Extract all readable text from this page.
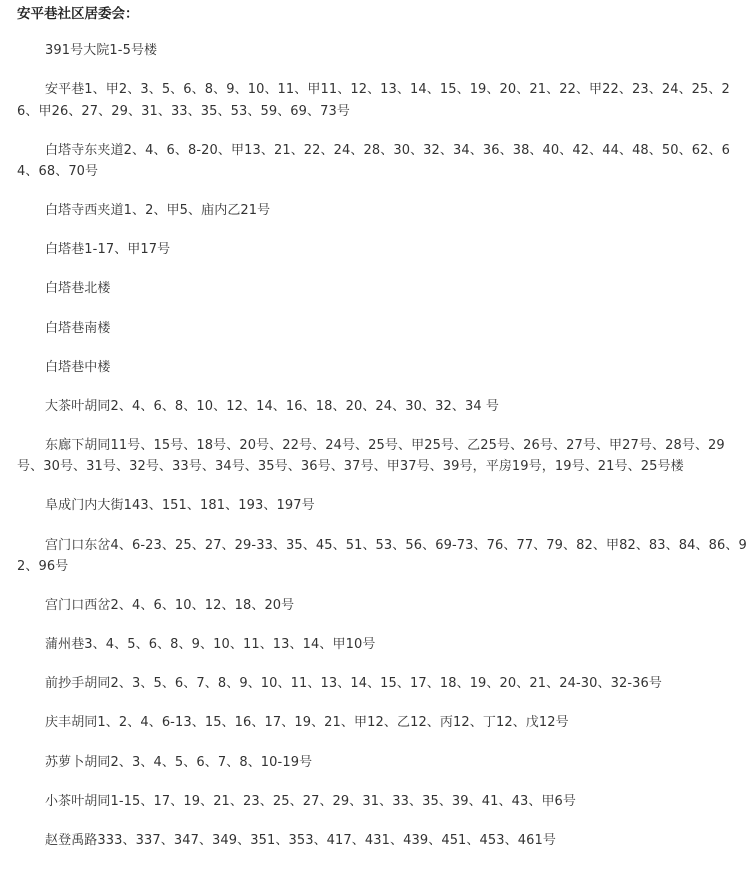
安平巷社区居委会：

391号大院1-5号楼

安平巷1、甲2、3、5、6、8、9、10、11、甲11、12、13、14、15、19、20、21、22、甲22、23、24、25、26、甲26、27、29、31、33、35、53、59、69、73号

白塔寺东夹道2、4、6、8-20、甲13、21、22、24、28、30、32、34、36、38、40、42、44、48、50、62、64、68、70号

白塔寺西夹道1、2、甲5、庙内乙21号

白塔巷1-17、甲17号

白塔巷北楼

白塔巷南楼

白塔巷中楼

大茶叶胡同2、4、6、8、10、12、14、16、18、20、24、30、32、34 号

东廊下胡同11号、15号、18号、20号、22号、24号、25号、甲25号、乙25号、26号、27号、甲27号、28号、29号、30号、31号、32号、33号、34号、35号、36号、37号、甲37号、39号，平房19号，19号、21号、25号楼

阜成门内大街143、151、181、193、197号

宫门口东岔4、6-23、25、27、29-33、35、45、51、53、56、69-73、76、77、79、82、甲82、83、84、86、92、96号

宫门口西岔2、4、6、10、12、18、20号

蒲州巷3、4、5、6、8、9、10、11、13、14、甲10号

前抄手胡同2、3、5、6、7、8、9、10、11、13、14、15、17、18、19、20、21、24-30、32-36号

庆丰胡同1、2、4、6-13、15、16、17、19、21、甲12、乙12、丙12、丁12、戊12号

苏萝卜胡同2、3、4、5、6、7、8、10-19号

小茶叶胡同1-15、17、19、21、23、25、27、29、31、33、35、39、41、43、甲6号

赵登禹路333、337、347、349、351、353、417、431、439、451、453、461号
